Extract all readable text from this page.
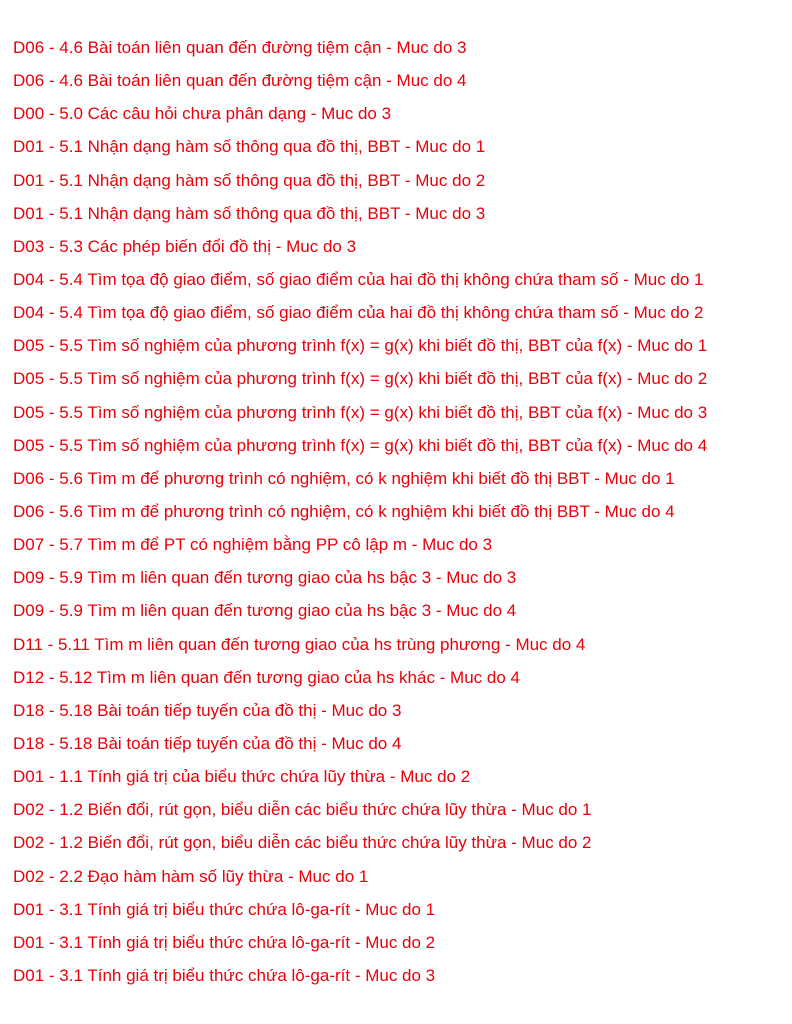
D06 - 4.6 Bài toán liên quan đến đường tiệm cận - Muc do 3
D06 - 4.6 Bài toán liên quan đến đường tiệm cận - Muc do 4
D00 - 5.0 Các câu hỏi chưa phân dạng - Muc do 3
D01 - 5.1 Nhận dạng hàm số thông qua đồ thị, BBT - Muc do 1
D01 - 5.1 Nhận dạng hàm số thông qua đồ thị, BBT - Muc do 2
D01 - 5.1 Nhận dạng hàm số thông qua đồ thị, BBT - Muc do 3
D03 - 5.3 Các phép biến đổi đồ thị - Muc do 3
D04 - 5.4 Tìm tọa độ giao điểm, số giao điểm của hai đồ thị không chứa tham số - Muc do 1
D04 - 5.4 Tìm tọa độ giao điểm, số giao điểm của hai đồ thị không chứa tham số - Muc do 2
D05 - 5.5 Tìm số nghiệm của phương trình f(x) = g(x) khi biết đồ thị, BBT của f(x) - Muc do 1
D05 - 5.5 Tìm số nghiệm của phương trình f(x) = g(x) khi biết đồ thị, BBT của f(x) - Muc do 2
D05 - 5.5 Tìm số nghiệm của phương trình f(x) = g(x) khi biết đồ thị, BBT của f(x) - Muc do 3
D05 - 5.5 Tìm số nghiệm của phương trình f(x) = g(x) khi biết đồ thị, BBT của f(x) - Muc do 4
D06 - 5.6 Tìm m để phương trình có nghiệm, có k nghiệm khi biết đồ thị BBT - Muc do 1
D06 - 5.6 Tìm m để phương trình có nghiệm, có k nghiệm khi biết đồ thị BBT - Muc do 4
D07 - 5.7 Tìm m để PT có nghiệm bằng PP cô lập m - Muc do 3
D09 - 5.9 Tìm m liên quan đến tương giao của hs bậc 3 - Muc do 3
D09 - 5.9 Tìm m liên quan đến tương giao của hs bậc 3 - Muc do 4
D11 - 5.11 Tìm m liên quan đến tương giao của hs trùng phương - Muc do 4
D12 - 5.12 Tìm m liên quan đến tương giao của hs khác - Muc do 4
D18 - 5.18 Bài toán tiếp tuyến của đồ thị - Muc do 3
D18 - 5.18 Bài toán tiếp tuyến của đồ thị - Muc do 4
D01 - 1.1 Tính giá trị của biểu thức chứa lũy thừa - Muc do 2
D02 - 1.2 Biến đổi, rút gọn, biểu diễn các biểu thức chứa lũy thừa - Muc do 1
D02 - 1.2 Biến đổi, rút gọn, biểu diễn các biểu thức chứa lũy thừa - Muc do 2
D02 - 2.2 Đạo hàm hàm số lũy thừa - Muc do 1
D01 - 3.1 Tính giá trị biểu thức chứa lô-ga-rít - Muc do 1
D01 - 3.1 Tính giá trị biểu thức chứa lô-ga-rít - Muc do 2
D01 - 3.1 Tính giá trị biểu thức chứa lô-ga-rít - Muc do 3
